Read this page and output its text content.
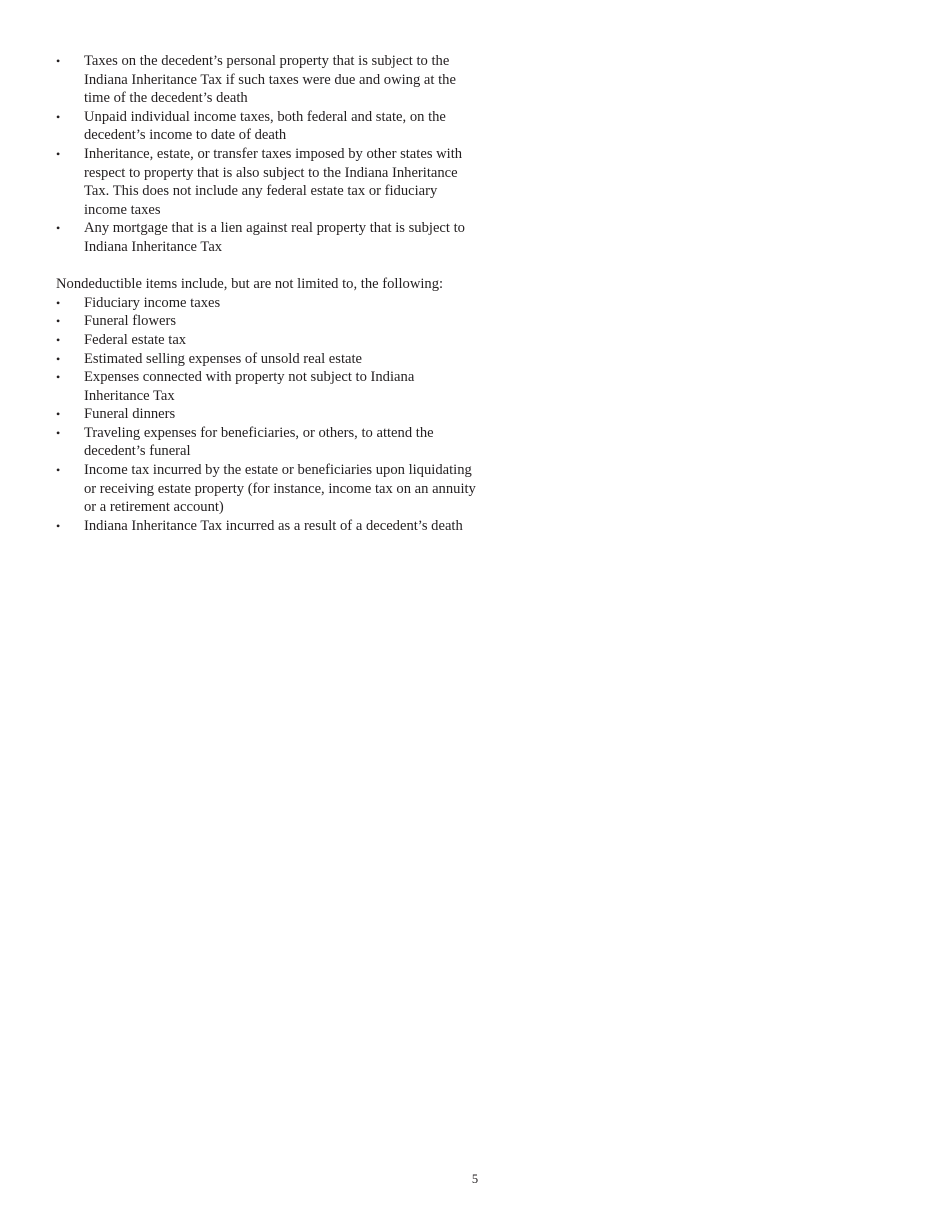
•	Taxes on the decedent’s personal property that is subject to the Indiana Inheritance Tax if such taxes were due and owing at the time of the decedent’s death
•	Unpaid individual income taxes, both federal and state, on the decedent’s income to date of death
•	Inheritance, estate, or transfer taxes imposed by other states with respect to property that is also subject to the Indiana Inheritance Tax. This does not include any federal estate tax or fiduciary income taxes
•	Any mortgage that is a lien against real property that is subject to Indiana Inheritance Tax

Nondeductible items include, but are not limited to, the following:

•	Fiduciary income taxes
•	Funeral flowers
•	Federal estate tax
•	Estimated selling expenses of unsold real estate
•	Expenses connected with property not subject to Indiana Inheritance Tax
•	Funeral dinners
•	Traveling expenses for beneficiaries, or others, to attend the decedent’s funeral
•	Income tax incurred by the estate or beneficiaries upon liquidating or receiving estate property (for instance, income tax on an annuity or a retirement account)
•	Indiana Inheritance Tax incurred as a result of a decedent’s death
5
